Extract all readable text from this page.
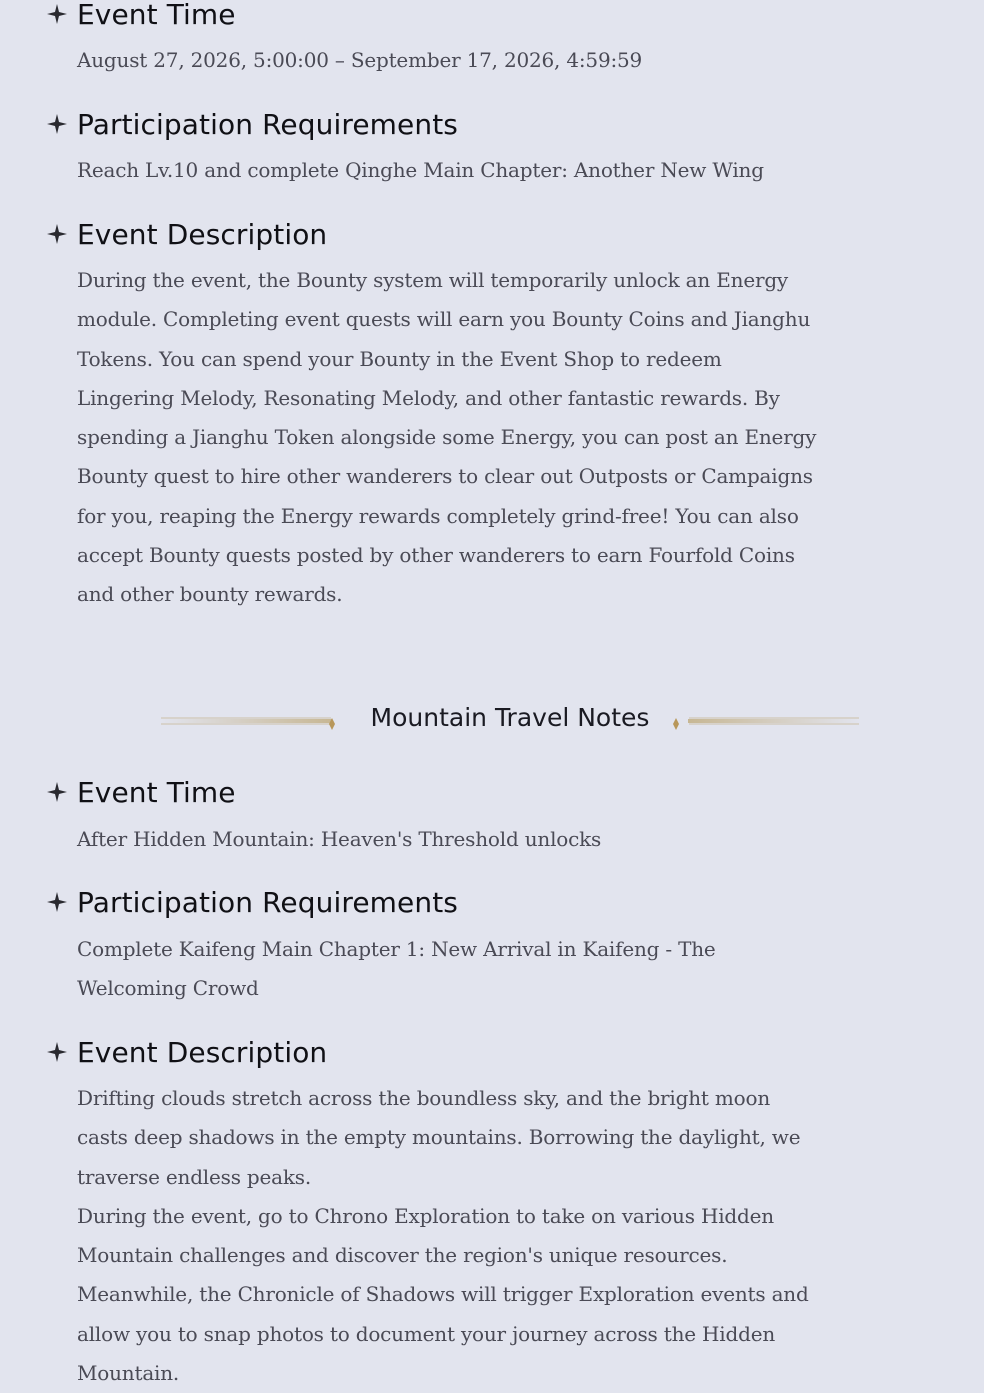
Event Time

August 27, 2026, 5:00:00 – September 17, 2026, 4:59:59

Participation Requirements

Reach Lv.10 and complete Qinghe Main Chapter: Another New Wing

Event Description

During the event, the Bounty system will temporarily unlock an Energy module. Completing event quests will earn you Bounty Coins and Jianghu Tokens. You can spend your Bounty in the Event Shop to redeem Lingering Melody, Resonating Melody, and other fantastic rewards. By spending a Jianghu Token alongside some Energy, you can post an Energy Bounty quest to hire other wanderers to clear out Outposts or Campaigns for you, reaping the Energy rewards completely grind-free! You can also accept Bounty quests posted by other wanderers to earn Fourfold Coins and other bounty rewards.

Mountain Travel Notes
Event Time

After Hidden Mountain: Heaven's Threshold unlocks

Participation Requirements

Complete Kaifeng Main Chapter 1: New Arrival in Kaifeng - The Welcoming Crowd

Event Description

Drifting clouds stretch across the boundless sky, and the bright moon casts deep shadows in the empty mountains. Borrowing the daylight, we traverse endless peaks.

During the event, go to Chrono Exploration to take on various Hidden Mountain challenges and discover the region's unique resources. Meanwhile, the Chronicle of Shadows will trigger Exploration events and allow you to snap photos to document your journey across the Hidden Mountain.
